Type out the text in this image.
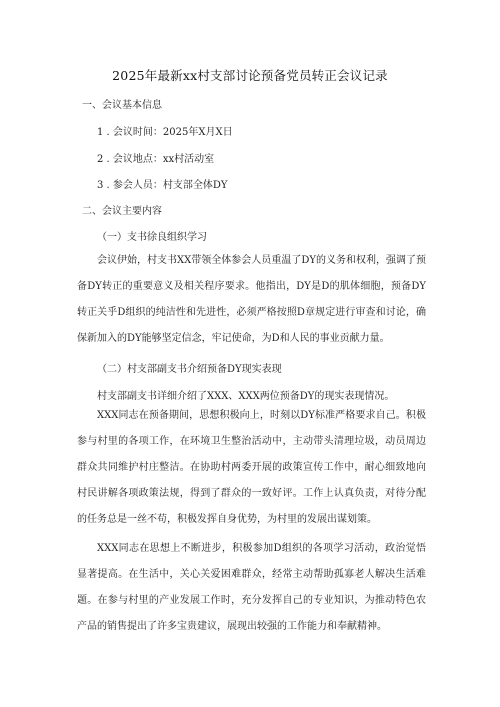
2025年最新xx村支部讨论预备党员转正会议记录
一、会议基本信息
1 . 会议时间：2025年X月X日
2 . 会议地点：xx村活动室
3 . 参会人员：村支部全体DY
二、会议主要内容
（一）支书徐良组织学习
会议伊始，村支书XX带领全体参会人员重温了DY的义务和权利，强调了预备DY转正的重要意义及相关程序要求。他指出，DY是D的肌体细胞，预备DY转正关乎D组织的纯洁性和先进性，必须严格按照D章规定进行审查和讨论，确保新加入的DY能够坚定信念，牢记使命，为D和人民的事业贡献力量。
（二）村支部副支书介绍预备DY现实表现
村支部副支书详细介绍了XXX、XXX两位预备DY的现实表现情况。
XXX同志在预备期间，思想积极向上，时刻以DY标准严格要求自己。积极参与村里的各项工作，在环境卫生整治活动中，主动带头清理垃圾，动员周边群众共同维护村庄整洁。在协助村两委开展的政策宣传工作中，耐心细致地向村民讲解各项政策法规，得到了群众的一致好评。工作上认真负责，对待分配的任务总是一丝不苟，积极发挥自身优势，为村里的发展出谋划策。
XXX同志在思想上不断进步，积极参加D组织的各项学习活动，政治觉悟显著提高。在生活中，关心关爱困难群众，经常主动帮助孤寡老人解决生活难题。在参与村里的产业发展工作时，充分发挥自己的专业知识，为推动特色农产品的销售提出了许多宝贵建议，展现出较强的工作能力和奉献精神。
